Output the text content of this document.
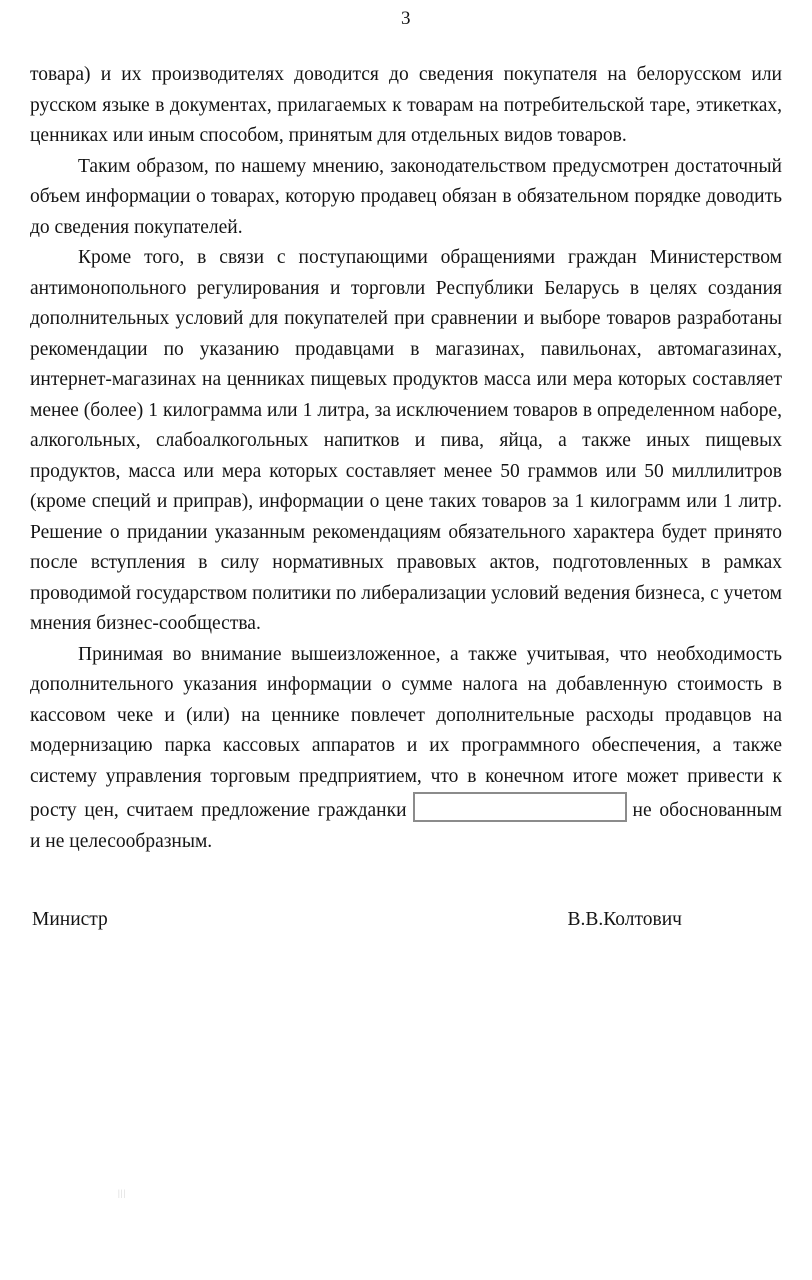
3

товара) и их производителях доводится до сведения покупателя на белорусском или русском языке в документах, прилагаемых к товарам на потребительской таре, этикетках, ценниках или иным способом, принятым для отдельных видов товаров.

Таким образом, по нашему мнению, законодательством предусмотрен достаточный объем информации о товарах, которую продавец обязан в обязательном порядке доводить до сведения покупателей.

Кроме того, в связи с поступающими обращениями граждан Министерством антимонопольного регулирования и торговли Республики Беларусь в целях создания дополнительных условий для покупателей при сравнении и выборе товаров разработаны рекомендации по указанию продавцами в магазинах, павильонах, автомагазинах, интернет-магазинах на ценниках пищевых продуктов масса или мера которых составляет менее (более) 1 килограмма или 1 литра, за исключением товаров в определенном наборе, алкогольных, слабоалкогольных напитков и пива, яйца, а также иных пищевых продуктов, масса или мера которых составляет менее 50 граммов или 50 миллилитров (кроме специй и приправ), информации о цене таких товаров за 1 килограмм или 1 литр. Решение о придании указанным рекомендациям обязательного характера будет принято после вступления в силу нормативных правовых актов, подготовленных в рамках проводимой государством политики по либерализации условий ведения бизнеса, с учетом мнения бизнес-сообщества.

Принимая во внимание вышеизложенное, а также учитывая, что необходимость дополнительного указания информации о сумме налога на добавленную стоимость в кассовом чеке и (или) на ценнике повлечет дополнительные расходы продавцов на модернизацию парка кассовых аппаратов и их программного обеспечения, а также систему управления торговым предприятием, что в конечном итоге может привести к росту цен, считаем предложение гражданки	не обоснованным и не целесообразным.

Министр	В.В.Колтович
|||
